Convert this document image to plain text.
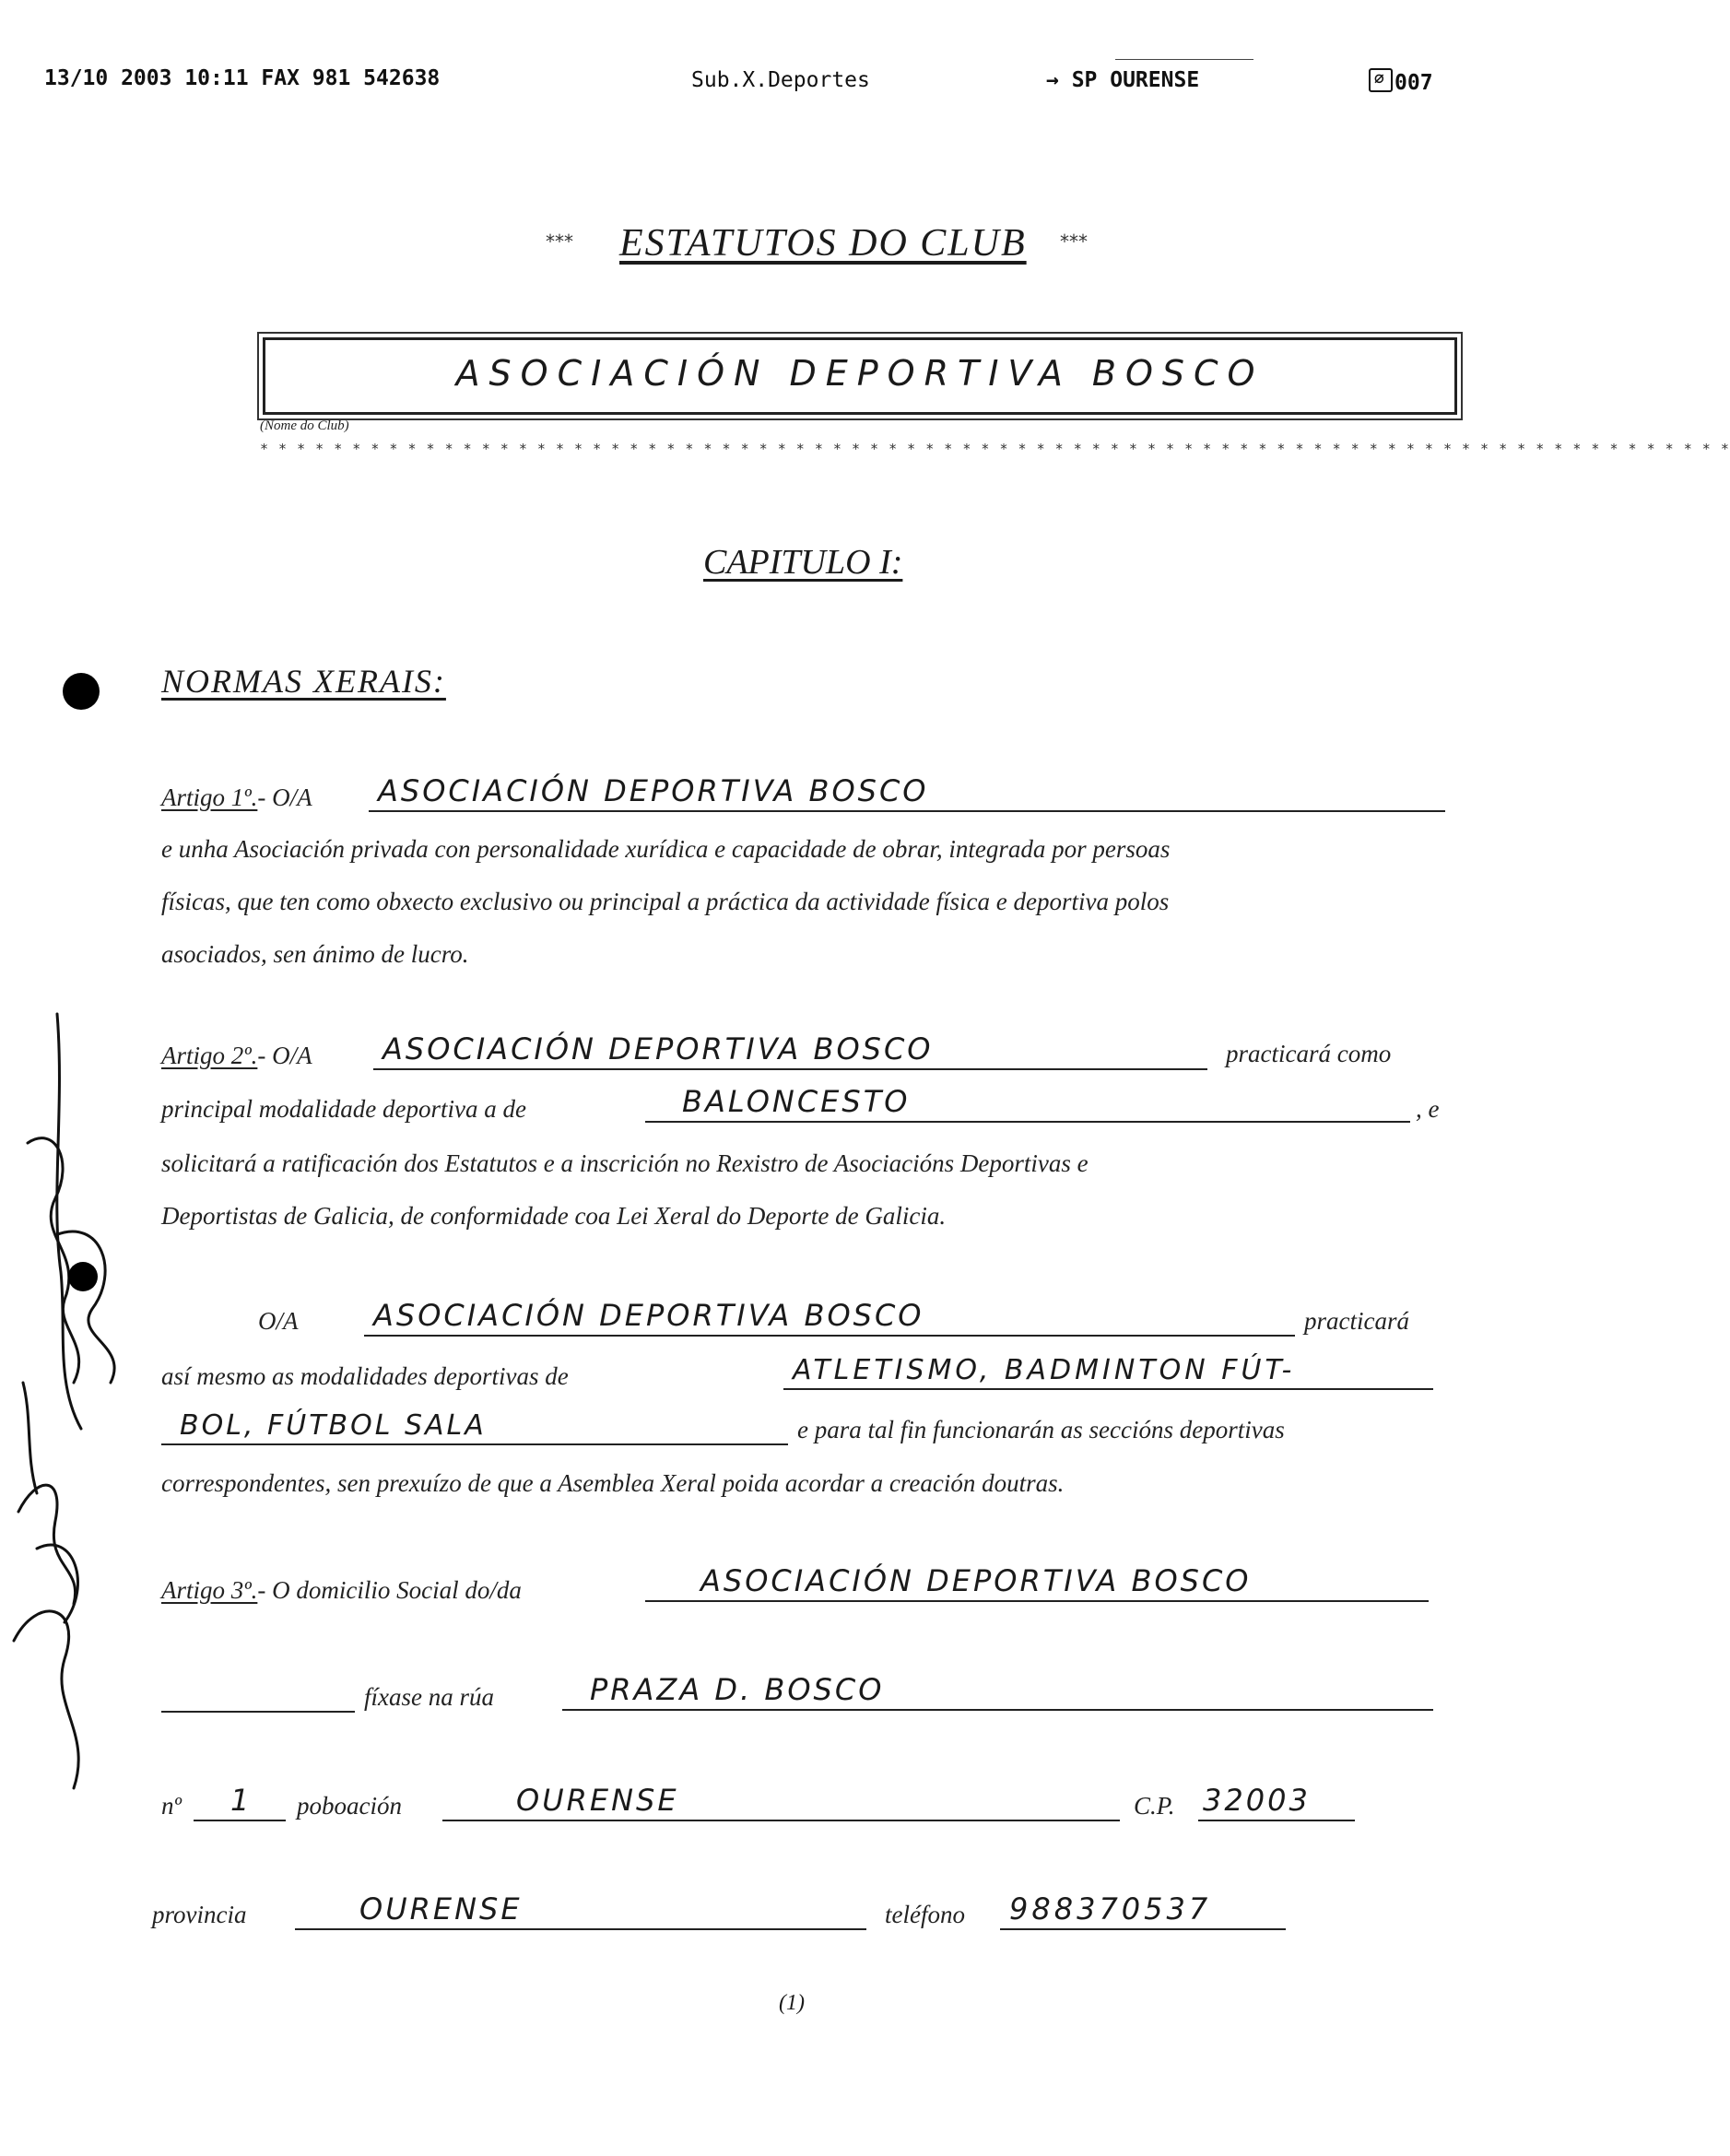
13/10 2003 10:11 FAX 981 542638	Sub.X.Deportes	→ SP OURENSE	⌀ 007
*** ESTATUTOS DO CLUB ***
ASOCIACIÓN DEPORTIVA BOSCO
(Nome do Club)
* * * * * * * * * * * * * * * * * * * * * * * * * * * * * * * * * * * * * * * * * * * * * * * * * * * * * * * * * * * * * * * * * * * * * * * * * * * * * * * *
CAPITULO I:
NORMAS XERAIS:
Artigo 1º.- O/A ASOCIACIÓN DEPORTIVA BOSCO
e unha Asociación privada con personalidade xurídica e capacidade de obrar, integrada por persoas
físicas, que ten como obxecto exclusivo ou principal a práctica da actividade física e deportiva polos
asociados, sen ánimo de lucro.
Artigo 2º.- O/A ASOCIACIÓN DEPORTIVA BOSCO	practicará como
principal modalidade deportiva a de	BALONCESTO	, e
solicitará a ratificación dos Estatutos e a inscrición no Rexistro de Asociacións Deportivas e
Deportistas de Galicia, de conformidade coa Lei Xeral do Deporte de Galicia.
O/A	ASOCIACIÓN DEPORTIVA BOSCO	practicará
así mesmo as modalidades deportivas de	ATLETISMO, BADMINTON FÚT-
BOL, FÚTBOL SALA	e para tal fin funcionarán as seccións deportivas
correspondentes, sen prexuízo de que a Asemblea Xeral poida acordar a creación doutras.
Artigo 3º.- O domicilio Social do/da	ASOCIACIÓN DEPORTIVA BOSCO
fíxase na rúa	PRAZA D. BOSCO
nº 1 poboación	OURENSE	C.P. 32003
provincia	OURENSE	teléfono 988370537
(1)
